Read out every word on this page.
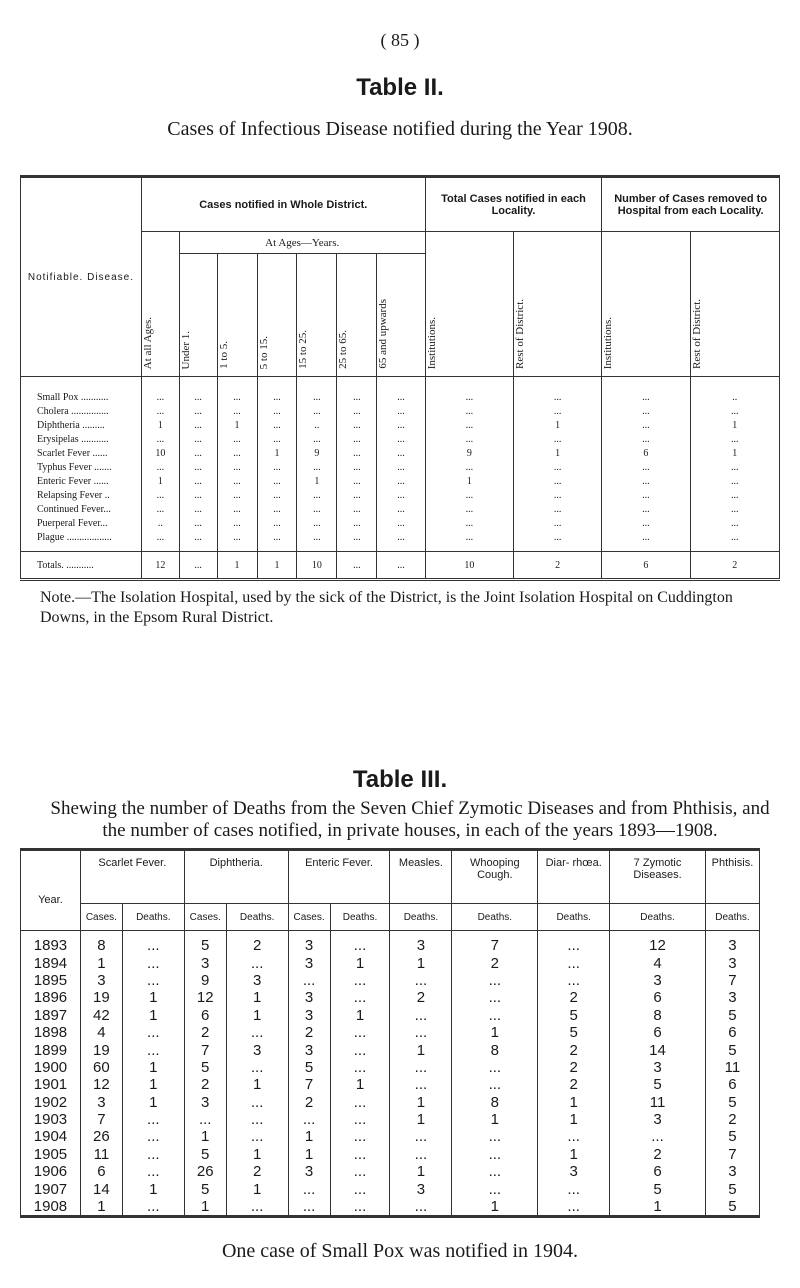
( 85 )
Table II.
Cases of Infectious Disease notified during the Year 1908.
Notifiable. Disease.	Cases notified in Whole District.							Total Cases notified in each Locality.		Number of Cases removed to Hospital from each Locality.	
	At all Ages.	At Ages—Years.						Institutions.	Rest of District.	Institutions.	Rest of District.
		Under 1.	1 to 5.	5 to 15.	15 to 25.	25 to 65.	65 and upwards				
Small Pox ...........	...	...	...	...	...	...	...	...	...	...	..
Cholera ...............	...	...	...	...	...	...	...	...	...	...	...
Diphtheria .........	1	...	1	...	..	...	...	...	1	...	1
Erysipelas ...........	...	...	...	...	...	...	...	...	...	...	...
Scarlet Fever ......	10	...	...	1	9	...	...	9	1	6	1
Typhus Fever .......	...	...	...	...	...	...	...	...	...	...	...
Enteric Fever ......	1	...	...	...	1	...	...	1	...	...	...
Relapsing Fever ..	...	...	...	...	...	...	...	...	...	...	...
Continued Fever...	...	...	...	...	...	...	...	...	...	...	...
Puerperal Fever...	..	...	...	...	...	...	...	...	...	...	...
Plague ..................	...	...	...	...	...	...	...	...	...	...	...

Totals. ...........	12	...	1	1	10	...	...	10	2	6	2
Note.—The Isolation Hospital, used by the sick of the District, is the Joint Isolation Hospital on Cuddington Downs, in the Epsom Rural District.
Table III.
Shewing the number of Deaths from the Seven Chief Zymotic Diseases and from Phthisis, and the number of cases notified, in private houses, in each of the years 1893—1908.
Year.	Scarlet Fever.		Diphtheria.		Enteric Fever.		Measles.	Whooping Cough.	Diar- rhœa.	7 Zymotic Diseases.	Phthisis.
	Cases.	Deaths.	Cases.	Deaths.	Cases.	Deaths.	Deaths.	Deaths.	Deaths.	Deaths.	Deaths.
1893	8	...	5	2	3	...	3	7	...	12	3
1894	1	...	3	...	3	1	1	2	...	4	3
1895	3	...	9	3	...	...	...	...	...	3	7
1896	19	1	12	1	3	...	2	...	2	6	3
1897	42	1	6	1	3	1	...	...	5	8	5
1898	4	...	2	...	2	...	...	1	5	6	6
1899	19	...	7	3	3	...	1	8	2	14	5
1900	60	1	5	...	5	...	...	...	2	3	11
1901	12	1	2	1	7	1	...	...	2	5	6
1902	3	1	3	...	2	...	1	8	1	11	5
1903	7	...	...	...	...	...	1	1	1	3	2
1904	26	...	1	...	1	...	...	...	...	...	5
1905	11	...	5	1	1	...	...	...	1	2	7
1906	6	...	26	2	3	...	1	...	3	6	3
1907	14	1	5	1	...	...	3	...	...	5	5
1908	1	...	1	...	...	...	...	1	...	1	5
One case of Small Pox was notified in 1904.
